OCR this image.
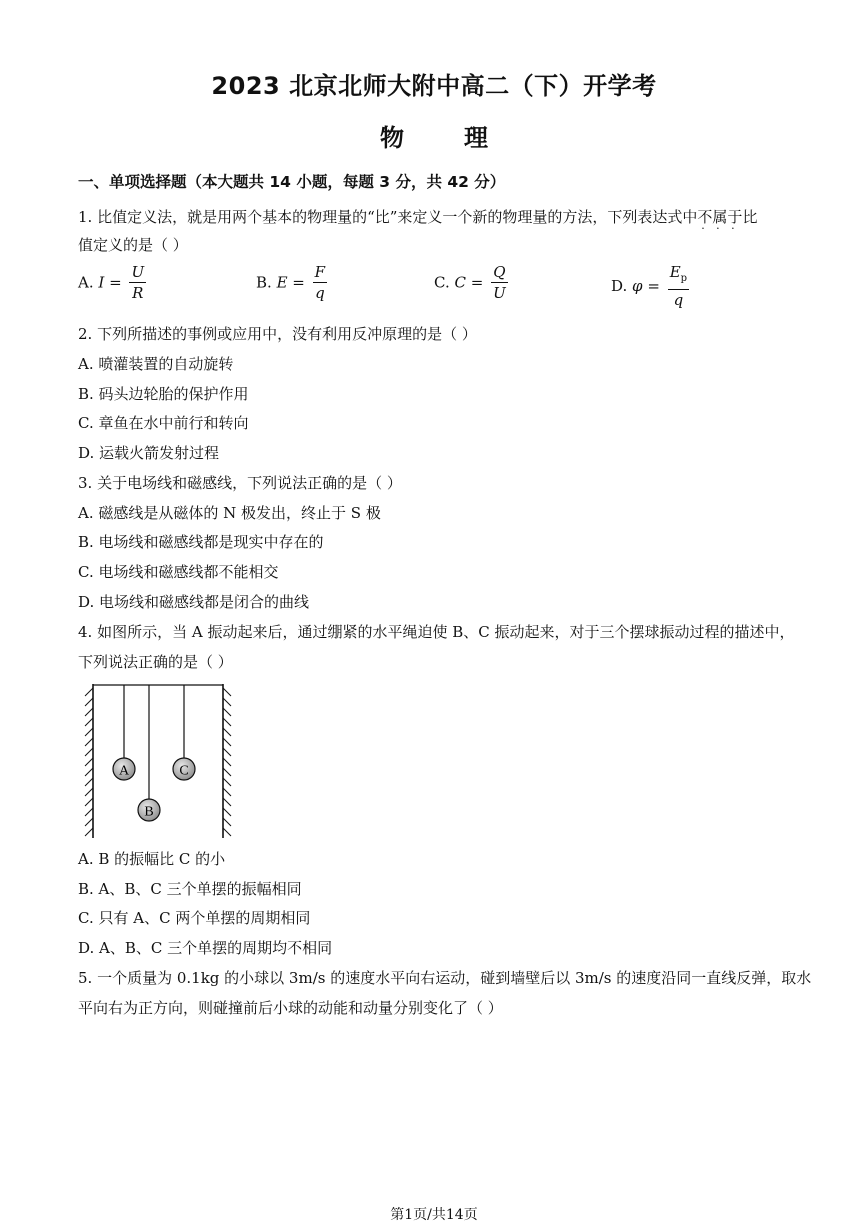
2023 北京北师大附中高二（下）开学考
物	理
一、单项选择题（本大题共 14 小题，每题 3 分，共 42 分）
1. 比值定义法，就是用两个基本的物理量的“比”来定义一个新的物理量的方法，下列表达式中不属于 · · ·比
值定义的是（ ）
A. $I = \frac{U}{R}$	B. $E = \frac{F}{q}$	C. $C = \frac{Q}{U}$	D. $\varphi = \frac{E_p}{q}$
2. 下列所描述的事例或应用中，没有利用反冲原理的是（ ）
A. 喷灌装置的自动旋转
B. 码头边轮胎的保护作用
C. 章鱼在水中前行和转向
D. 运载火箭发射过程
3. 关于电场线和磁感线，下列说法正确的是（ ）
A. 磁感线是从磁体的 N 极发出，终止于 S 极
B. 电场线和磁感线都是现实中存在的
C. 电场线和磁感线都不能相交
D. 电场线和磁感线都是闭合的曲线
4. 如图所示，当 A 振动起来后，通过绷紧的水平绳迫使 B、C 振动起来，对于三个摆球振动过程的描述中，
下列说法正确的是（ ）
A
B
C
A. B 的振幅比 C 的小
B. A、B、C 三个单摆的振幅相同
C. 只有 A、C 两个单摆的周期相同
D. A、B、C 三个单摆的周期均不相同
5. 一个质量为 0.1kg 的小球以 3m/s 的速度水平向右运动，碰到墙壁后以 3m/s 的速度沿同一直线反弹，取水
平向右为正方向，则碰撞前后小球的动能和动量分别变化了（ ）
第1页/共14页
